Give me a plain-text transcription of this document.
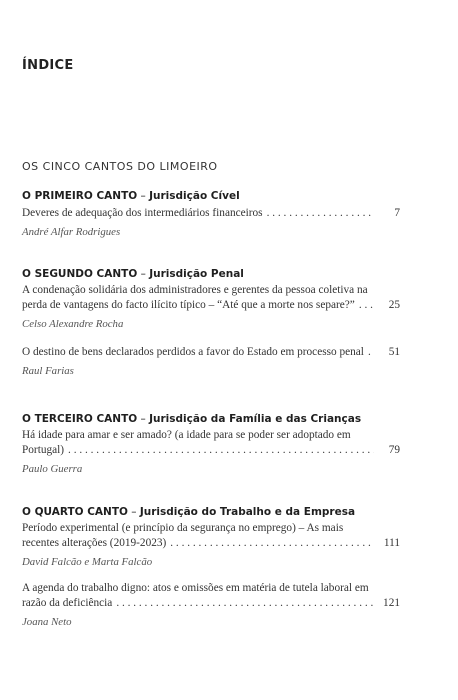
ÍNDICE
OS CINCO CANTOS DO LIMOEIRO
O PRIMEIRO CANTO – Jurisdição Cível
Deveres de adequação dos intermediários financeiros . . .	7
André Alfar Rodrigues
O SEGUNDO CANTO – Jurisdição Penal
A condenação solidária dos administradores e gerentes da pessoa coletiva na
perda de vantagens do facto ilícito típico – “Até que a morte nos separe?” . . .	25
Celso Alexandre Rocha
O destino de bens declarados perdidos a favor do Estado em processo penal . . .	51
Raul Farias
O TERCEIRO CANTO – Jurisdição da Família e das Crianças
Há idade para amar e ser amado? (a idade para se poder ser adoptado em
Portugal) . . .	79
Paulo Guerra
O QUARTO CANTO – Jurisdição do Trabalho e da Empresa
Período experimental (e princípio da segurança no emprego) – As mais
recentes alterações (2019-2023) . . .	111
David Falcão e Marta Falcão
A agenda do trabalho digno: atos e omissões em matéria de tutela laboral em
razão da deficiência . . .	121
Joana Neto
